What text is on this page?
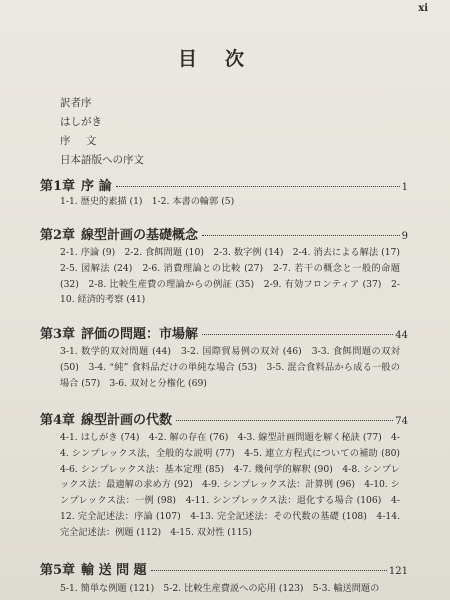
xi
目次
訳者序
はしがき
序 文
日本語版への序文
第1章 序 論	1
1-1. 歴史的素描 (1)　1-2. 本書の輪郭 (5)
第2章 線型計画の基礎概念	9
2-1. 序論 (9)　2-2. 食餌問題 (10)　2-3. 数字例 (14)　2-4. 消去による解法 (17)　2-5. 図解法 (24)　2-6. 消費理論との比較 (27)　2-7. 若干の概念と一般的命題 (32)　2-8. 比較生産費の理論からの例証 (35)　2-9. 有効フロンティア (37)　2-10. 経済的考察 (41)
第3章 評価の問題：市場解	44
3-1. 数学的双対問題 (44)　3-2. 国際貿易例の双対 (46)　3-3. 食餌問題の双対 (50)　3-4. “純” 食料品だけの単純な場合 (53)　3-5. 混合食料品から成る一般の場合 (57)　3-6. 双対と分権化 (69)
第4章 線型計画の代数	74
4-1. はしがき (74)　4-2. 解の存在 (76)　4-3. 線型計画問題を解く秘訣 (77)　4-4. シンプレックス法，全般的な説明 (77)　4-5. 連立方程式についての補助 (80)　4-6. シンプレックス法：基本定理 (85)　4-7. 幾何学的解釈 (90)　4-8. シンプレックス法：最適解の求め方 (92)　4-9. シンプレックス法：計算例 (96)　4-10. シンプレックス法：一例 (98)　4-11. シンプレックス法：退化する場合 (106)　4-12. 完全記述法：序論 (107)　4-13. 完全記述法：その代数の基礎 (108)　4-14. 完全記述法：例題 (112)　4-15. 双対性 (115)
第5章 輸 送 問 題	121
5-1. 簡単な例題 (121)　5-2. 比較生産費説への応用 (123)　5-3. 輸送問題の
